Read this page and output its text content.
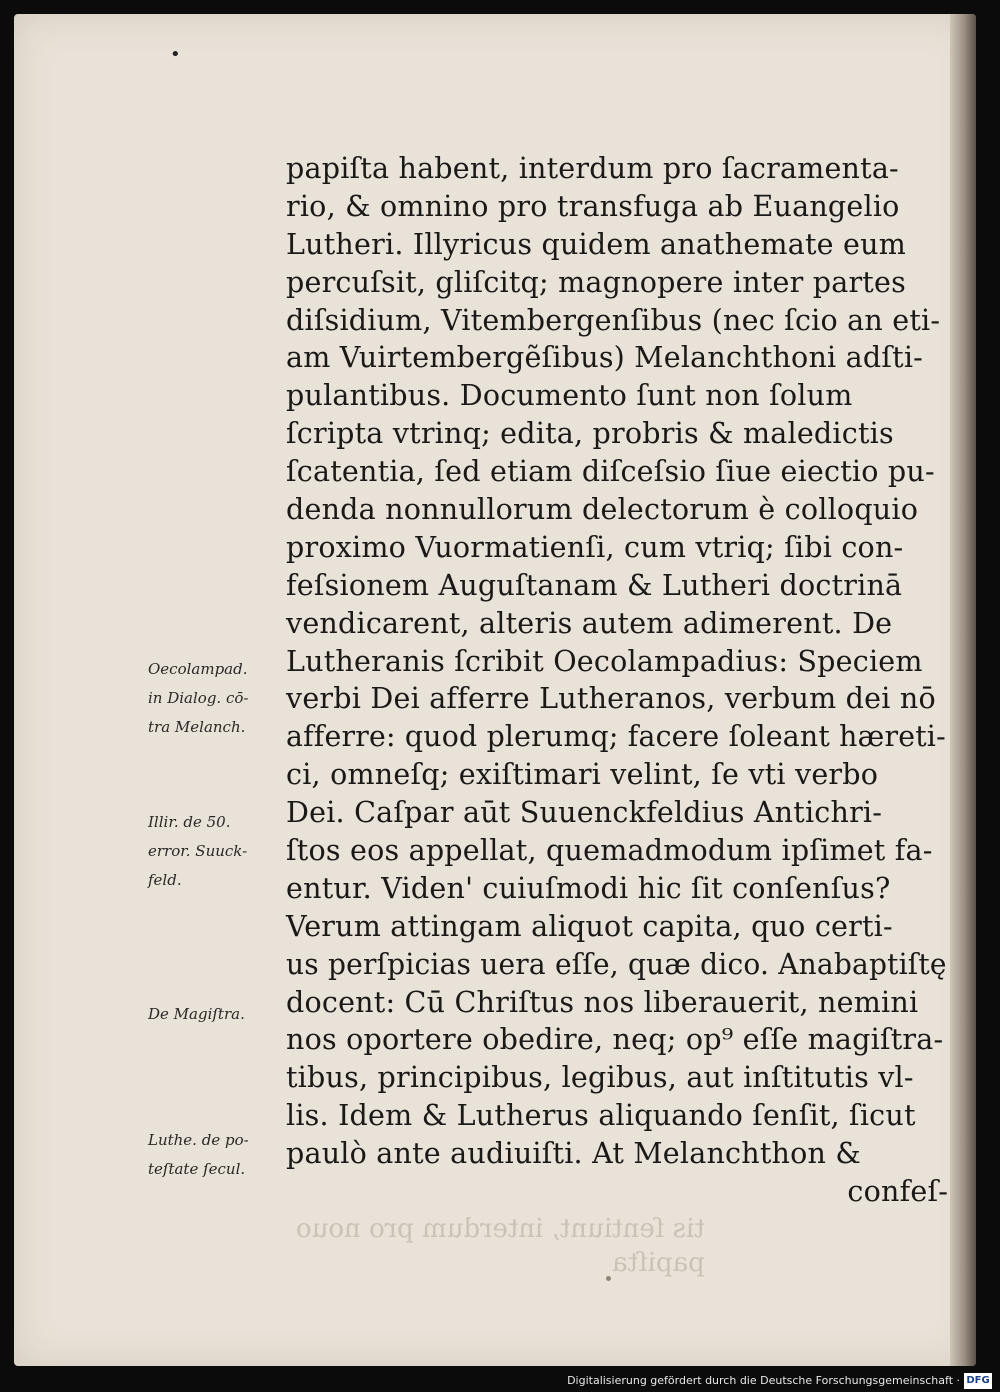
•
papiſta habent, interdum pro ſacramenta-
rio, & omnino pro transfuga ab Euangelio
Lutheri. Illyricus quidem anathemate eum
percuſsit, gliſcitq; magnopere inter partes
diſsidium, Vitembergenſibus (nec ſcio an eti-
am Vuirtembergẽſibus) Melanchthoni adſti-
pulantibus. Documento ſunt non ſolum
ſcripta vtrinq; edita, probris & maledictis
ſcatentia, ſed etiam diſceſsio ſiue eiectio pu-
denda nonnullorum delectorum è colloquio
proximo Vuormatienſi, cum vtriq; ſibi con-
feſsionem Auguſtanam & Lutheri doctrinā
vendicarent, alteris autem adimerent. De
Lutheranis ſcribit Oecolampadius: Speciem
verbi Dei afferre Lutheranos, verbum dei nō
afferre: quod plerumq; facere ſoleant hæreti-
ci, omneſq; exiſtimari velint, ſe vti verbo
Dei. Caſpar aūt Suuenckfeldius Antichri-
ſtos eos appellat, quemadmodum ipſimet fa-
entur. Viden' cuiuſmodi hic ſit conſenſus?
Verum attingam aliquot capita, quo certi-
us perſpicias uera eſſe, quæ dico. Anabaptiſtę
docent: Cū Chriſtus nos liberauerit, nemini
nos oportere obedire, neq; op⁹ eſſe magiſtra-
tibus, principibus, legibus, aut inſtitutis vl-
lis. Idem & Lutherus aliquando ſenſit, ſicut
paulò ante audiuiſti. At Melanchthon &
confeſ-
Oecolampad.
in Dialog. cō-
tra Melanch.
Illir. de 50.
error. Suuck-
feld.
De Magiſtra.
Luthe. de po-
teſtate ſecul.
tis ſentiunt, interdum pro nouo
papiſta
Digitalisierung gefördert durch die Deutsche Forschungsgemeinschaft · DFG
